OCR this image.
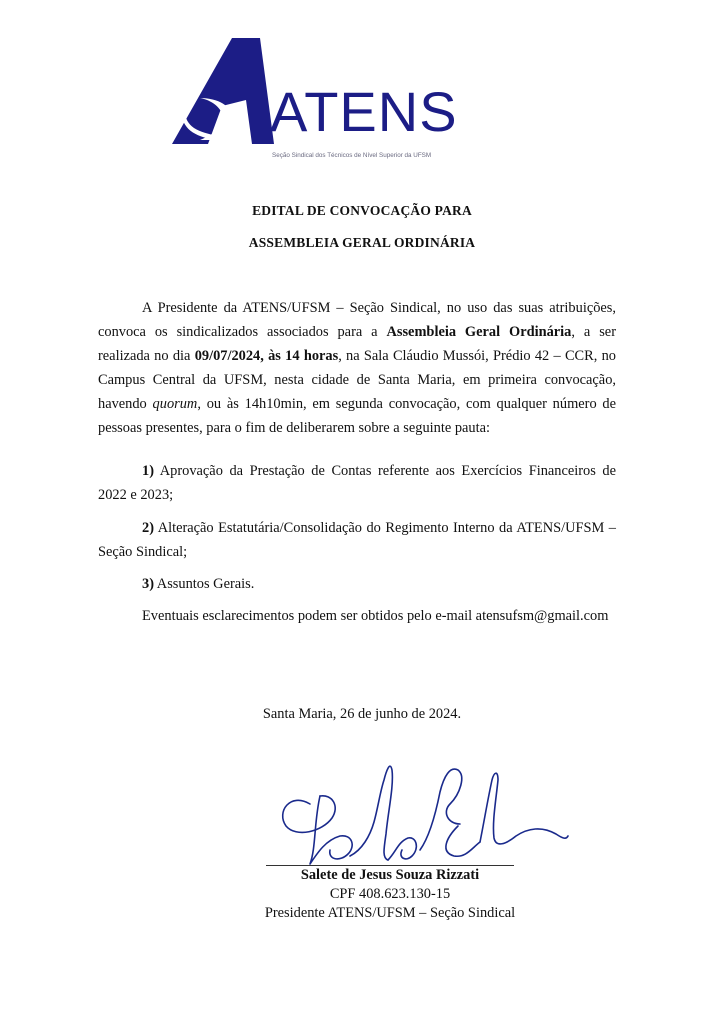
ATENS
Seção Sindical dos Técnicos de Nível Superior da UFSM
EDITAL DE CONVOCAÇÃO PARA
ASSEMBLEIA GERAL ORDINÁRIA
A Presidente da ATENS/UFSM – Seção Sindical, no uso das suas atribuições, convoca os sindicalizados associados para a Assembleia Geral Ordinária, a ser realizada no dia 09/07/2024, às 14 horas, na Sala Cláudio Mussói, Prédio 42 – CCR, no Campus Central da UFSM, nesta cidade de Santa Maria, em primeira convocação, havendo quorum, ou às 14h10min, em segunda convocação, com qualquer número de pessoas presentes, para o fim de deliberarem sobre a seguinte pauta:
1) Aprovação da Prestação de Contas referente aos Exercícios Financeiros de 2022 e 2023;
2) Alteração Estatutária/Consolidação do Regimento Interno da ATENS/UFSM – Seção Sindical;
3) Assuntos Gerais.
Eventuais esclarecimentos podem ser obtidos pelo e-mail atensufsm@gmail.com
Santa Maria, 26 de junho de 2024.
Salete de Jesus Souza Rizzati
CPF 408.623.130-15
Presidente ATENS/UFSM – Seção Sindical
